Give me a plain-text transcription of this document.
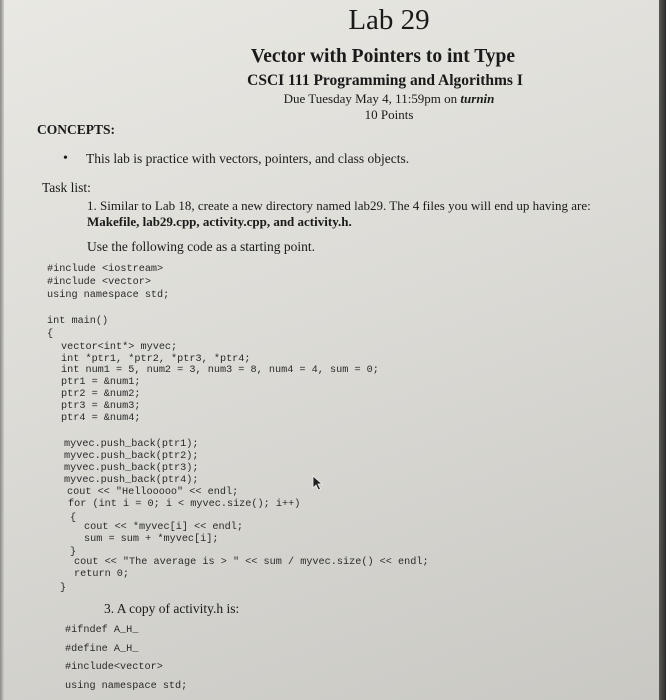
Lab 29
Vector with Pointers to int Type
CSCI 111 Programming and Algorithms I
Due Tuesday May 4, 11:59pm on turnin
10 Points
CONCEPTS:
• This lab is practice with vectors, pointers, and class objects.
Task list:
1. Similar to Lab 18, create a new directory named lab29. The 4 files you will end up having are:
Makefile, lab29.cpp, activity.cpp, and activity.h.
Use the following code as a starting point.
#include <iostream>
#include <vector>
using namespace std;
int main()
{
vector<int*> myvec;
int *ptr1, *ptr2, *ptr3, *ptr4;
int num1 = 5, num2 = 3, num3 = 8, num4 = 4, sum = 0;
ptr1 = &num1;
ptr2 = &num2;
ptr3 = &num3;
ptr4 = &num4;
myvec.push_back(ptr1);
myvec.push_back(ptr2);
myvec.push_back(ptr3);
myvec.push_back(ptr4);
cout << "Hellooooo" << endl;
for (int i = 0; i < myvec.size(); i++)
{
cout << *myvec[i] << endl;
sum = sum + *myvec[i];
}
cout << "The average is > " << sum / myvec.size() << endl;
return 0;
}
#ifndef A_H_
#define A_H_
#include<vector>
using namespace std;
3. A copy of activity.h is:
